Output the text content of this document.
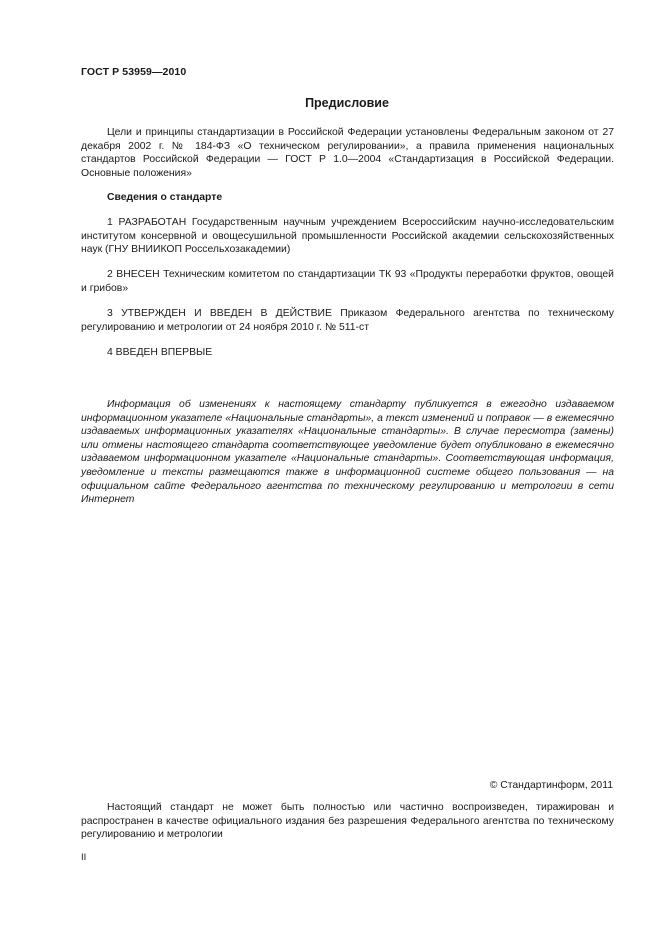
ГОСТ Р 53959—2010
Предисловие

Цели и принципы стандартизации в Российской Федерации установлены Федеральным законом от 27 декабря 2002 г. № 184-ФЗ «О техническом регулировании», а правила применения национальных стандартов Российской Федерации — ГОСТ Р 1.0—2004 «Стандартизация в Российской Федерации. Основные положения»

Сведения о стандарте

1 РАЗРАБОТАН Государственным научным учреждением Всероссийским научно-исследовательским институтом консервной и овощесушильной промышленности Российской академии сельскохозяйственных наук (ГНУ ВНИИКОП Россельхозакадемии)

2 ВНЕСЕН Техническим комитетом по стандартизации ТК 93 «Продукты переработки фруктов, овощей и грибов»

3 УТВЕРЖДЕН И ВВЕДЕН В ДЕЙСТВИЕ Приказом Федерального агентства по техническому регулированию и метрологии от 24 ноября 2010 г. № 511-ст

4 ВВЕДЕН ВПЕРВЫЕ

Информация об изменениях к настоящему стандарту публикуется в ежегодно издаваемом информационном указателе «Национальные стандарты», а текст изменений и поправок — в ежемесячно издаваемых информационных указателях «Национальные стандарты». В случае пересмотра (замены) или отмены настоящего стандарта соответствующее уведомление будет опубликовано в ежемесячно издаваемом информационном указателе «Национальные стандарты». Соответствующая информация, уведомление и тексты размещаются также в информационной системе общего пользования — на официальном сайте Федерального агентства по техническому регулированию и метрологии в сети Интернет

© Стандартинформ, 2011

Настоящий стандарт не может быть полностью или частично воспроизведен, тиражирован и распространен в качестве официального издания без разрешения Федерального агентства по техническому регулированию и метрологии

II
